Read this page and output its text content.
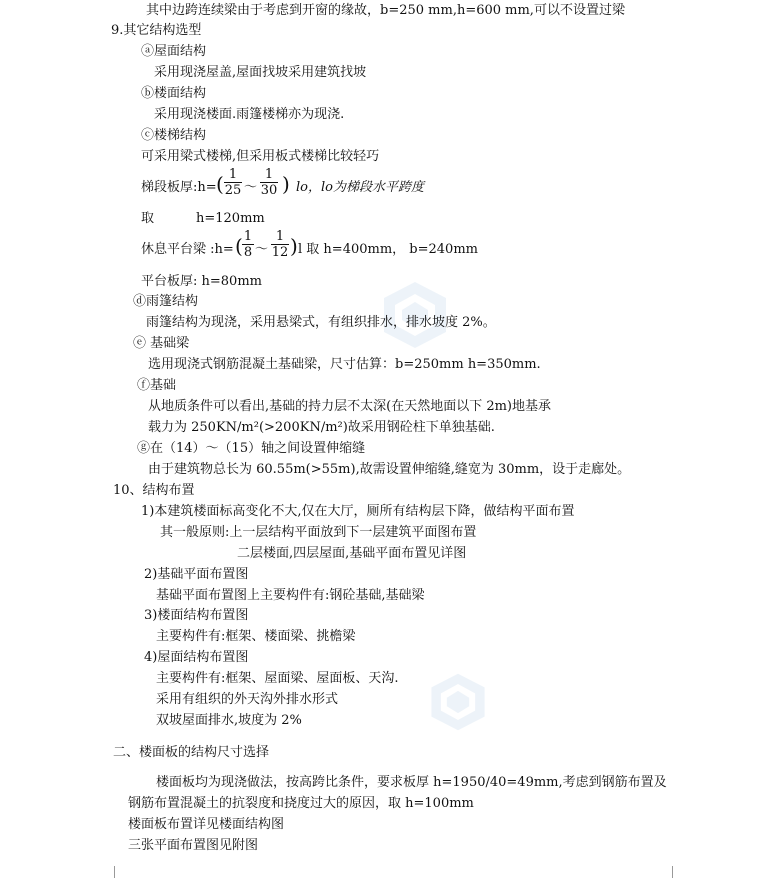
其中边跨连续梁由于考虑到开窗的缘故，b=250 mm,h=600 mm,可以不设置过梁
9.其它结构选型
ⓐ屋面结构
采用现浇屋盖,屋面找坡采用建筑找坡
ⓑ楼面结构
采用现浇楼面.雨篷楼梯亦为现浇.
ⓒ楼梯结构
可采用梁式楼梯,但采用板式楼梯比较轻巧
梯段板厚:h= ( 1
25 ～
1
30 ) lo，lo为梯段水平跨度
取	h=120mm
休息平台梁 :h= ( 1
8 ～
1
12 ) l 取 h=400mm， b=240mm
平台板厚: h=80mm
ⓓ雨篷结构
雨篷结构为现浇，采用悬梁式，有组织排水，排水坡度 2%。
ⓔ 基础梁
选用现浇式钢筋混凝土基础梁，尺寸估算：b=250mm h=350mm.
ⓕ基础
从地质条件可以看出,基础的持力层不太深(在天然地面以下 2m)地基承
载力为 250KN/m²(>200KN/m²)故采用钢砼柱下单独基础.
ⓖ在（14）～（15）轴之间设置伸缩缝
由于建筑物总长为 60.55m(>55m),故需设置伸缩缝,缝宽为 30mm，设于走廊处。
10、结构布置
1)本建筑楼面标高变化不大,仅在大厅，厕所有结构层下降，做结构平面布置
其一般原则:上一层结构平面放到下一层建筑平面图布置
二层楼面,四层屋面,基础平面布置见详图
2)基础平面布置图
基础平面布置图上主要构件有:钢砼基础,基础梁
3)楼面结构布置图
主要构件有:框架、楼面梁、挑檐梁
4)屋面结构布置图
主要构件有:框架、屋面梁、屋面板、天沟.
采用有组织的外天沟外排水形式
双坡屋面排水,坡度为 2%
二、楼面板的结构尺寸选择
楼面板均为现浇做法，按高跨比条件，要求板厚 h=1950/40=49mm,考虑到钢筋布置及
钢筋布置混凝土的抗裂度和挠度过大的原因，取 h=100mm
楼面板布置详见楼面结构图
三张平面布置图见附图
